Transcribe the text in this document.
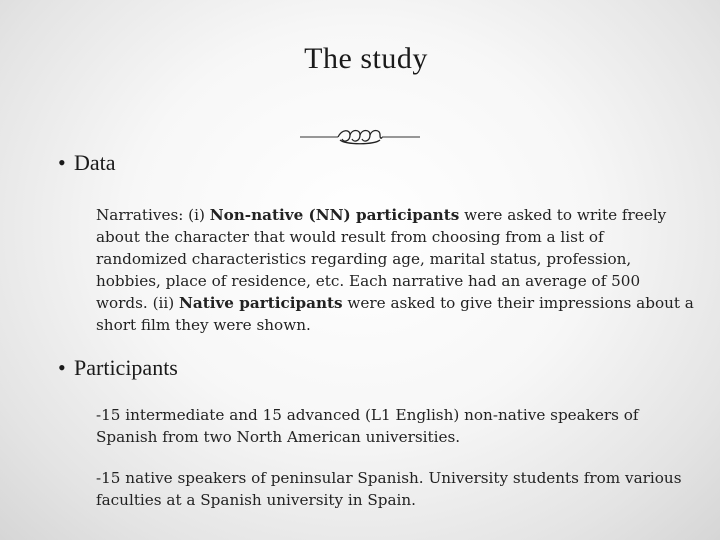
The study
• Data
Narratives: (i) Non-native (NN) participants were asked to write freely about the character that would result from choosing from a list of randomized characteristics regarding age, marital status, profession, hobbies, place of residence, etc. Each narrative had an average of 500 words. (ii) Native participants were asked to give their impressions about a short film they were shown.
• Participants
-15 intermediate and 15 advanced (L1 English) non-native speakers of Spanish from two North American universities.
-15 native speakers of peninsular Spanish. University students from various faculties at a Spanish university in Spain.
